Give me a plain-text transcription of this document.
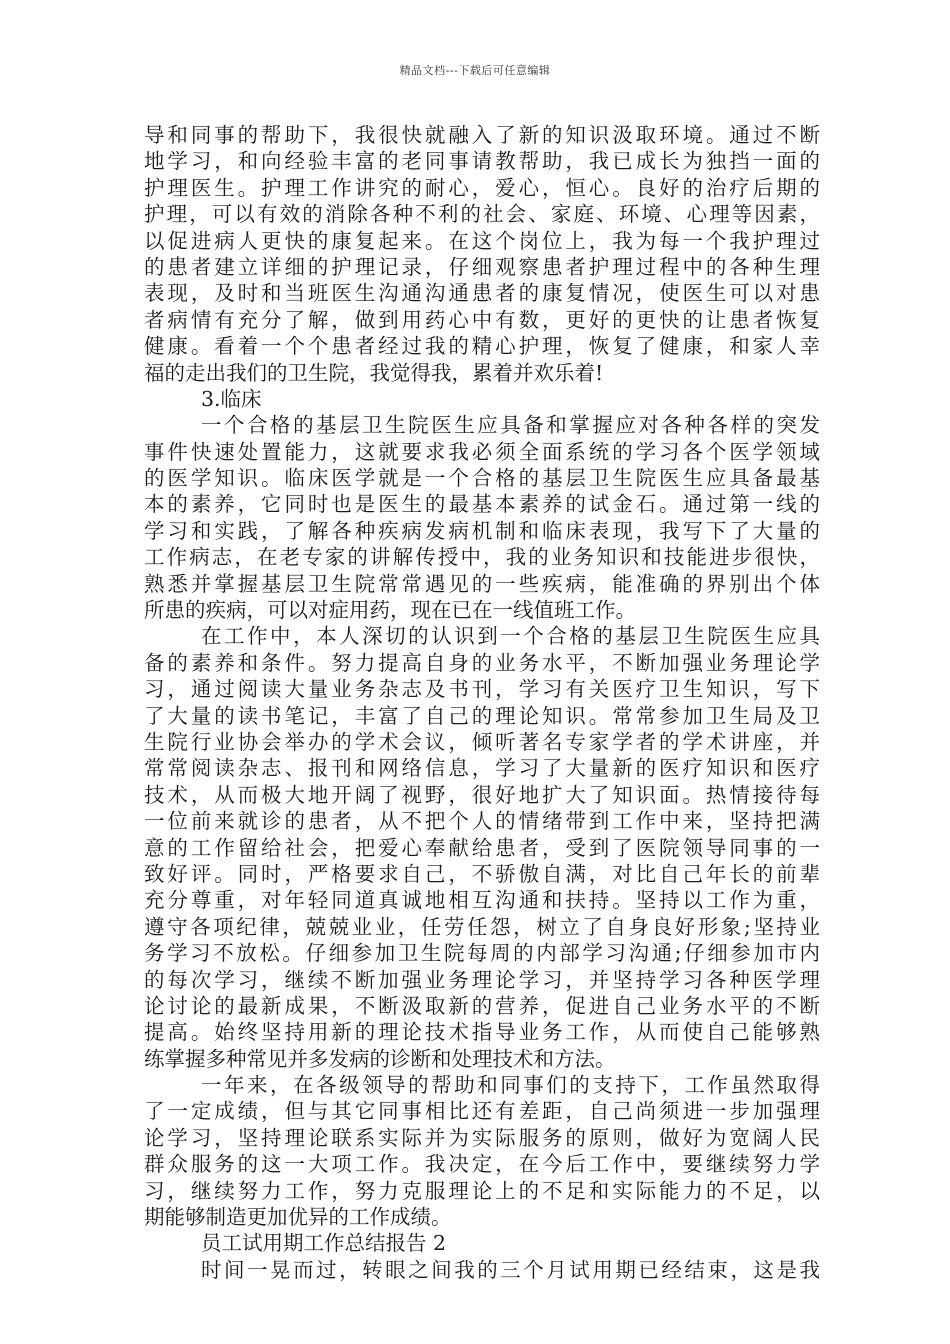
精品文档---下载后可任意编辑
导和同事的帮助下，我很快就融入了新的知识汲取环境。通过不断
地学习，和向经验丰富的老同事请教帮助，我已成长为独挡一面的
护理医生。护理工作讲究的耐心，爱心，恒心。良好的治疗后期的
护理，可以有效的消除各种不利的社会、家庭、环境、心理等因素，
以促进病人更快的康复起来。在这个岗位上，我为每一个我护理过
的患者建立详细的护理记录，仔细观察患者护理过程中的各种生理
表现，及时和当班医生沟通沟通患者的康复情况，使医生可以对患
者病情有充分了解，做到用药心中有数，更好的更快的让患者恢复
健康。看着一个个患者经过我的精心护理，恢复了健康，和家人幸
福的走出我们的卫生院，我觉得我，累着并欢乐着!
3.临床
一个合格的基层卫生院医生应具备和掌握应对各种各样的突发
事件快速处置能力，这就要求我必须全面系统的学习各个医学领域
的医学知识。临床医学就是一个合格的基层卫生院医生应具备最基
本的素养，它同时也是医生的最基本素养的试金石。通过第一线的
学习和实践，了解各种疾病发病机制和临床表现，我写下了大量的
工作病志，在老专家的讲解传授中，我的业务知识和技能进步很快，
熟悉并掌握基层卫生院常常遇见的一些疾病，能准确的界别出个体
所患的疾病，可以对症用药，现在已在一线值班工作。
在工作中，本人深切的认识到一个合格的基层卫生院医生应具
备的素养和条件。努力提高自身的业务水平，不断加强业务理论学
习，通过阅读大量业务杂志及书刊，学习有关医疗卫生知识，写下
了大量的读书笔记，丰富了自己的理论知识。常常参加卫生局及卫
生院行业协会举办的学术会议，倾听著名专家学者的学术讲座，并
常常阅读杂志、报刊和网络信息，学习了大量新的医疗知识和医疗
技术，从而极大地开阔了视野，很好地扩大了知识面。热情接待每
一位前来就诊的患者，从不把个人的情绪带到工作中来，坚持把满
意的工作留给社会，把爱心奉献给患者，受到了医院领导同事的一
致好评。同时，严格要求自己，不骄傲自满，对比自己年长的前辈
充分尊重，对年轻同道真诚地相互沟通和扶持。坚持以工作为重，
遵守各项纪律，兢兢业业，任劳任怨，树立了自身良好形象;坚持业
务学习不放松。仔细参加卫生院每周的内部学习沟通;仔细参加市内
的每次学习，继续不断加强业务理论学习，并坚持学习各种医学理
论讨论的最新成果，不断汲取新的营养，促进自己业务水平的不断
提高。始终坚持用新的理论技术指导业务工作，从而使自己能够熟
练掌握多种常见并多发病的诊断和处理技术和方法。
一年来，在各级领导的帮助和同事们的支持下，工作虽然取得
了一定成绩，但与其它同事相比还有差距，自己尚须进一步加强理
论学习，坚持理论联系实际并为实际服务的原则，做好为宽阔人民
群众服务的这一大项工作。我决定，在今后工作中，要继续努力学
习，继续努力工作，努力克服理论上的不足和实际能力的不足，以
期能够制造更加优异的工作成绩。
员工试用期工作总结报告 2
时间一晃而过，转眼之间我的三个月试用期已经结束，这是我
